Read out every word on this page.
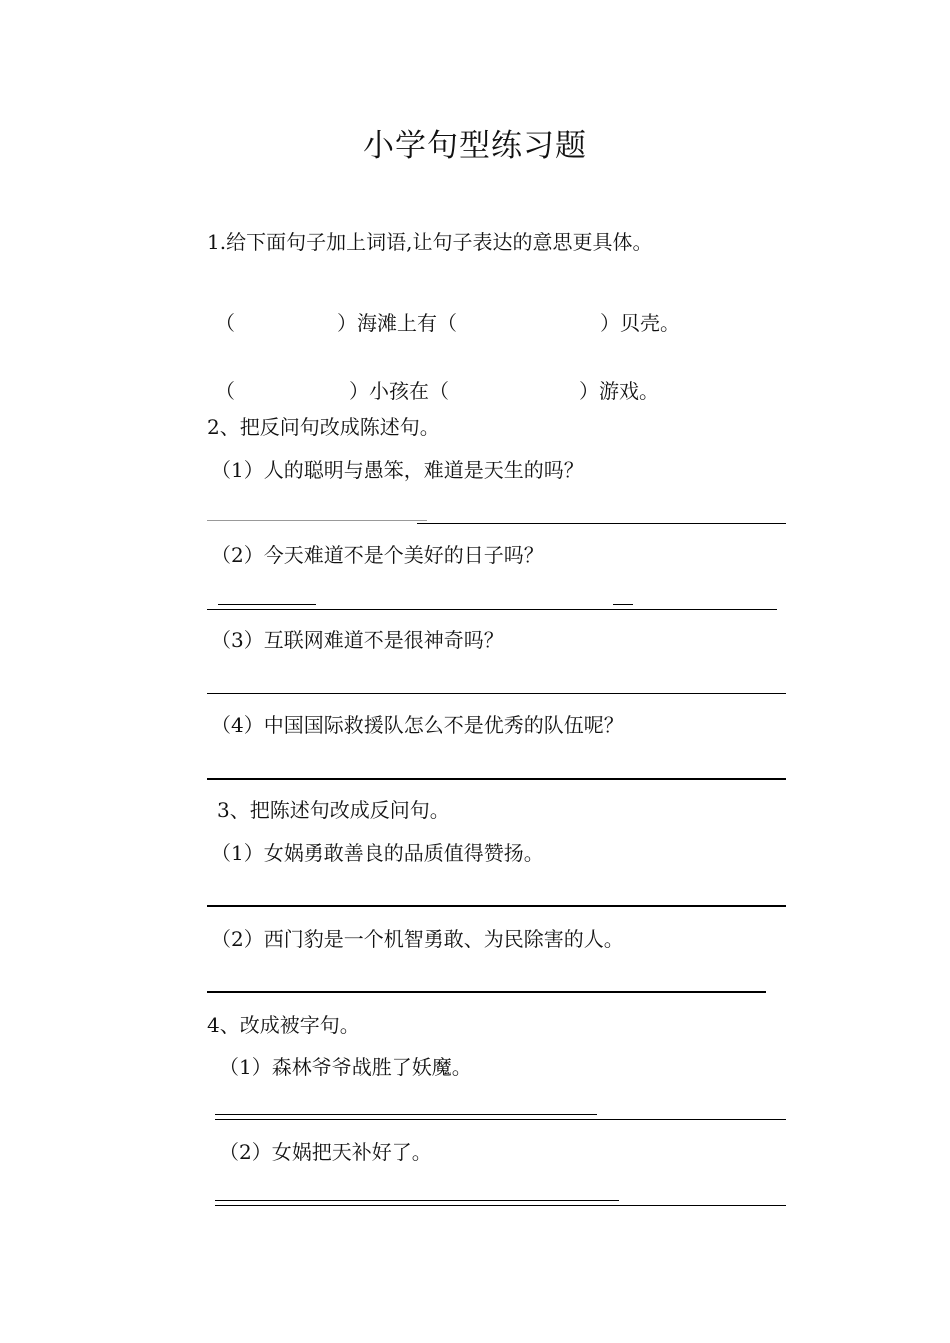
小学句型练习题
1.给下面句子加上词语,让句子表达的意思更具体。
（	）海滩上有（	）贝壳。
（	）小孩在（	）游戏。
2、把反问句改成陈述句。
（1）人的聪明与愚笨，难道是天生的吗？
（2）今天难道不是个美好的日子吗？
（3）互联网难道不是很神奇吗？
（4）中国国际救援队怎么不是优秀的队伍呢？
3、把陈述句改成反问句。
（1）女娲勇敢善良的品质值得赞扬。
（2）西门豹是一个机智勇敢、为民除害的人。
4、改成被字句。
（1）森林爷爷战胜了妖魔。
（2）女娲把天补好了。
